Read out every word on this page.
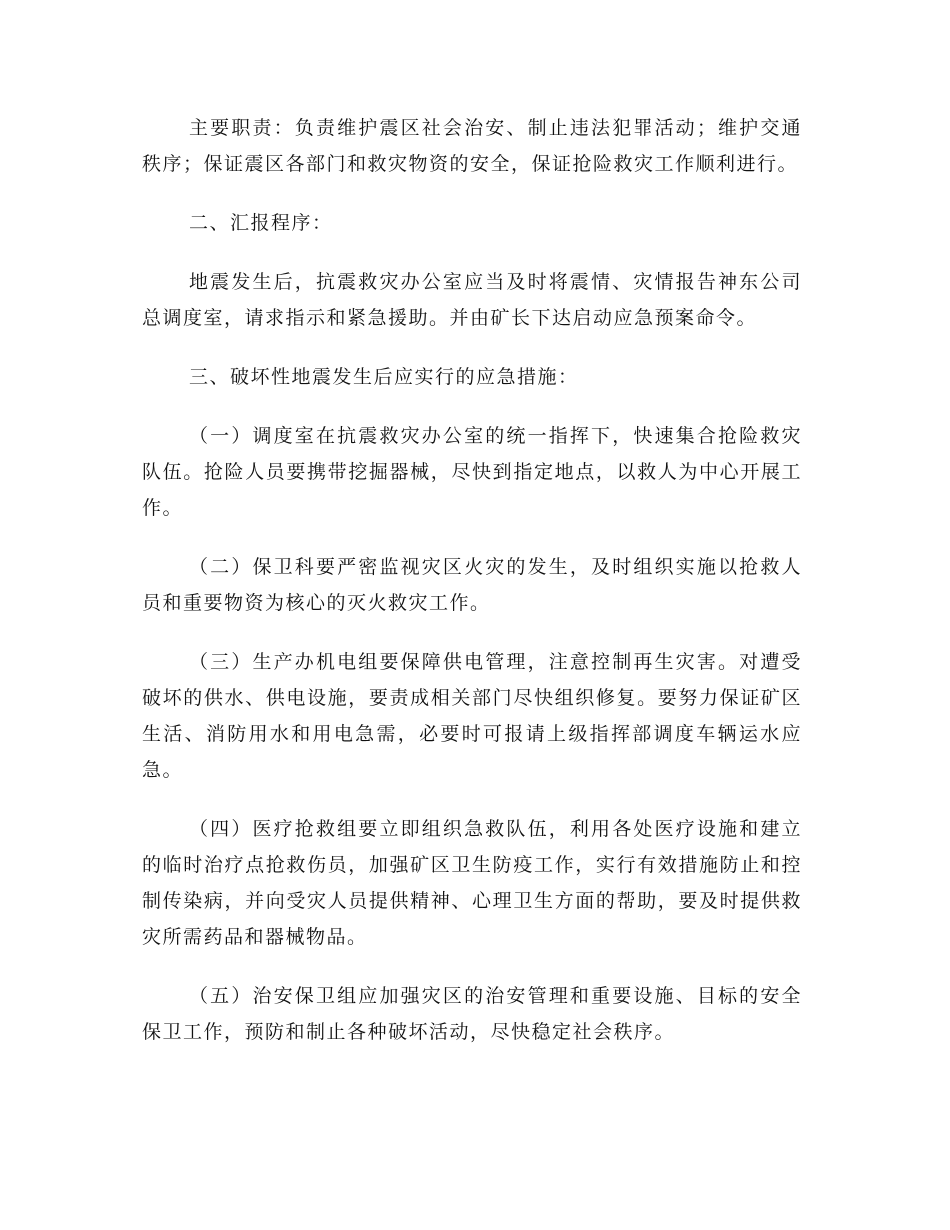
主要职责：负责维护震区社会治安、制止违法犯罪活动；维护交通秩序；保证震区各部门和救灾物资的安全，保证抢险救灾工作顺利进行。

二、汇报程序：

地震发生后，抗震救灾办公室应当及时将震情、灾情报告神东公司总调度室，请求指示和紧急援助。并由矿长下达启动应急预案命令。

三、破坏性地震发生后应实行的应急措施：

（一）调度室在抗震救灾办公室的统一指挥下，快速集合抢险救灾队伍。抢险人员要携带挖掘器械，尽快到指定地点，以救人为中心开展工作。

（二）保卫科要严密监视灾区火灾的发生，及时组织实施以抢救人员和重要物资为核心的灭火救灾工作。

（三）生产办机电组要保障供电管理，注意控制再生灾害。对遭受破坏的供水、供电设施，要责成相关部门尽快组织修复。要努力保证矿区生活、消防用水和用电急需，必要时可报请上级指挥部调度车辆运水应急。

（四）医疗抢救组要立即组织急救队伍，利用各处医疗设施和建立的临时治疗点抢救伤员，加强矿区卫生防疫工作，实行有效措施防止和控制传染病，并向受灾人员提供精神、心理卫生方面的帮助，要及时提供救灾所需药品和器械物品。

（五）治安保卫组应加强灾区的治安管理和重要设施、目标的安全保卫工作，预防和制止各种破坏活动，尽快稳定社会秩序。
